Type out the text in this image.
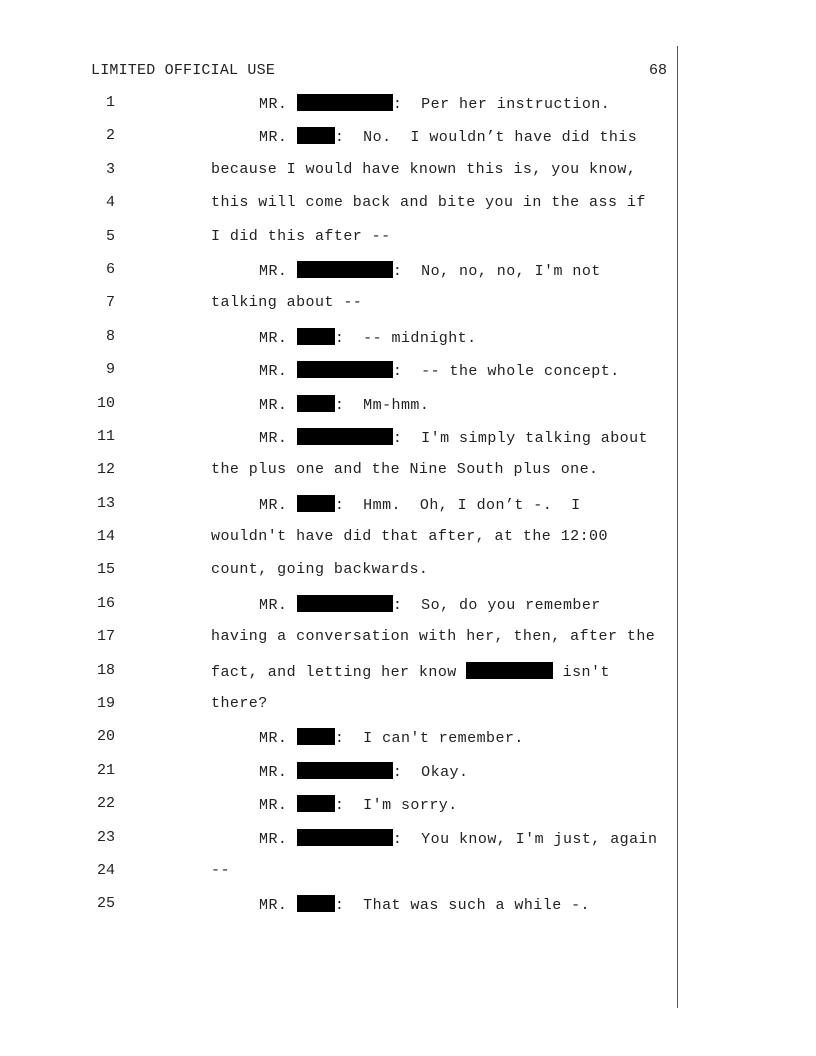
LIMITED OFFICIAL USE	68
1	MR.	:  Per her instruction.
2	MR.	:  No.  I wouldn’t have did this
3	because I would have known this is, you know,
4	this will come back and bite you in the ass if
5	I did this after --
6	MR.	:  No, no, no, I'm not
7	talking about --
8	MR.	:  -- midnight.
9	MR.	:  -- the whole concept.
10	MR.	:  Mm-hmm.
11	MR.	:  I'm simply talking about
12	the plus one and the Nine South plus one.
13	MR.	:  Hmm.  Oh, I don’t -.  I
14	wouldn't have did that after, at the 12:00
15	count, going backwards.
16	MR.	:  So, do you remember
17	having a conversation with her, then, after the
18	fact, and letting her know	isn't
19	there?
20	MR.	:  I can't remember.
21	MR.	:  Okay.
22	MR.	:  I'm sorry.
23	MR.	:  You know, I'm just, again
24	--
25	MR.	:  That was such a while -.
